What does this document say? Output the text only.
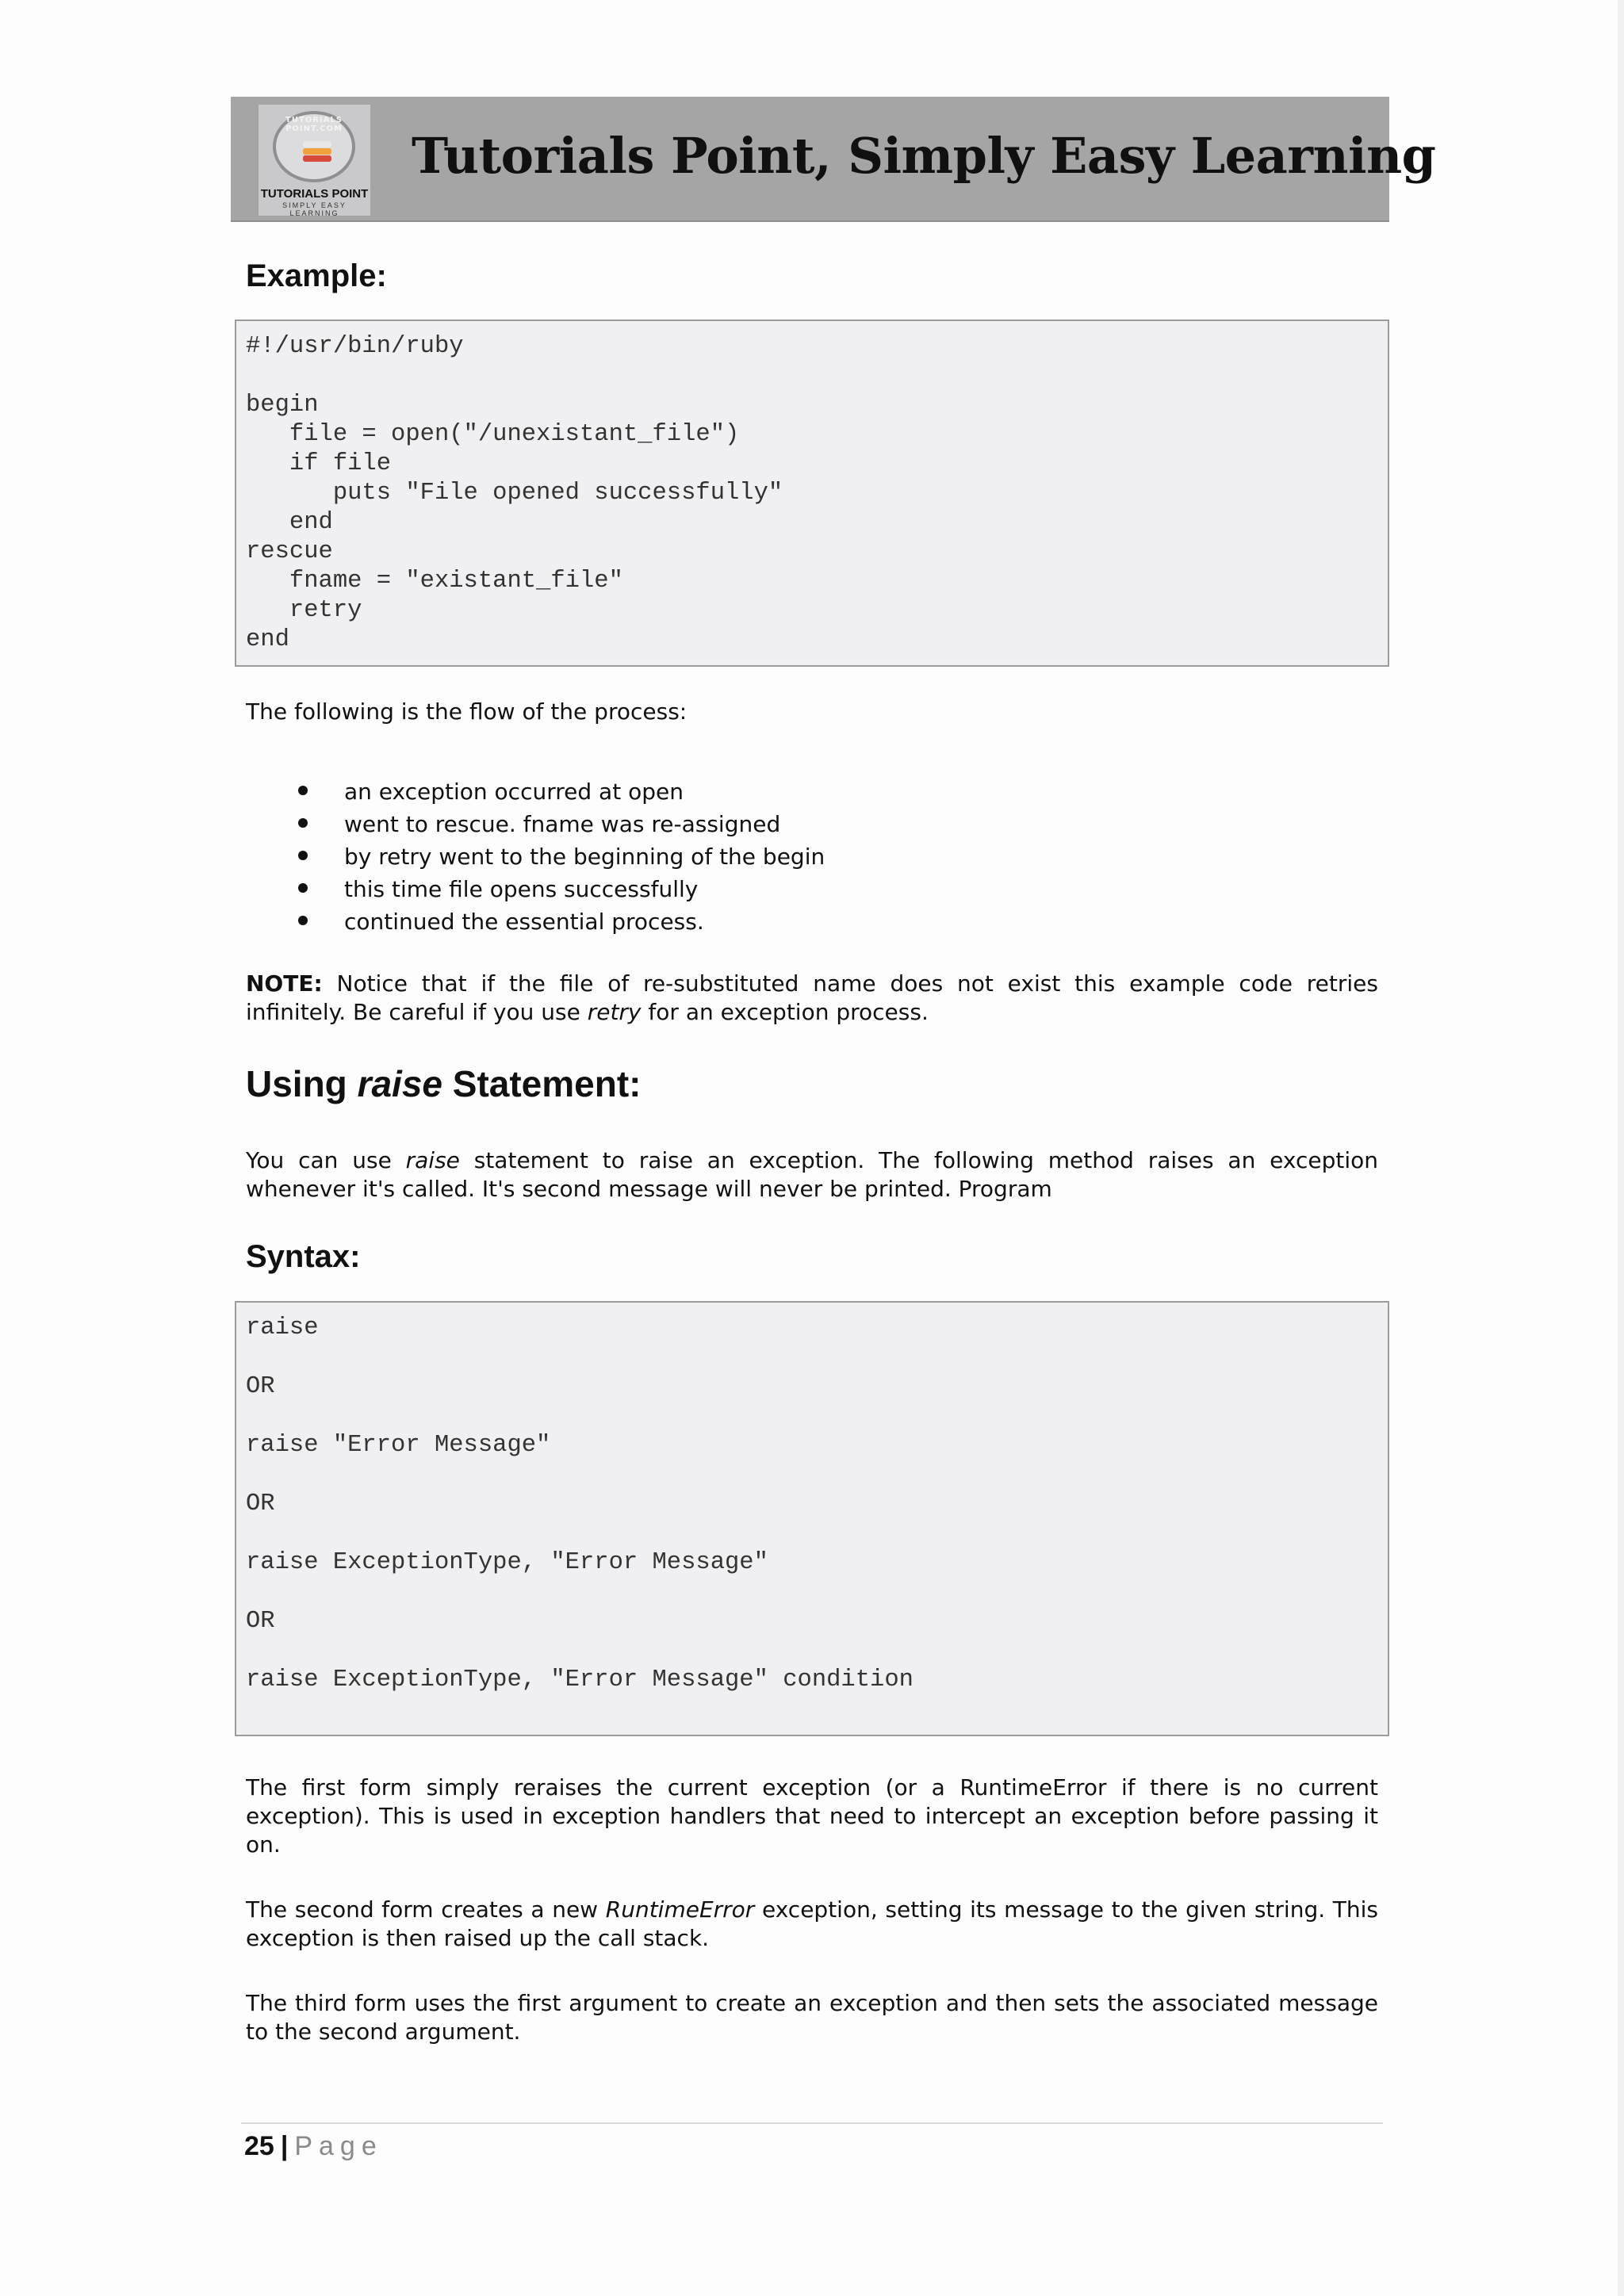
TUTORIALS POINT.COM
TUTORIALS POINT
SIMPLY EASY LEARNING
Tutorials Point, Simply Easy Learning
Example:
#!/usr/bin/ruby

begin
file = open("/unexistant_file")
if file
puts "File opened successfully"
end
rescue
fname = "existant_file"
retry
end

The following is the flow of the process:

an exception occurred at open
went to rescue. fname was re-assigned
by retry went to the beginning of the begin
this time file opens successfully
continued the essential process.

NOTE: Notice that if the file of re-substituted name does not exist this example code retries infinitely. Be careful if you use retry for an exception process.

Using raise Statement:

You can use raise statement to raise an exception. The following method raises an exception whenever it's called. It's second message will never be printed. Program

Syntax:
raise

OR

raise "Error Message"

OR

raise ExceptionType, "Error Message"

OR

raise ExceptionType, "Error Message" condition

The first form simply reraises the current exception (or a RuntimeError if there is no current exception). This is used in exception handlers that need to intercept an exception before passing it on.

The second form creates a new RuntimeError exception, setting its message to the given string. This exception is then raised up the call stack.

The third form uses the first argument to create an exception and then sets the associated message to the second argument.

25 | Page
